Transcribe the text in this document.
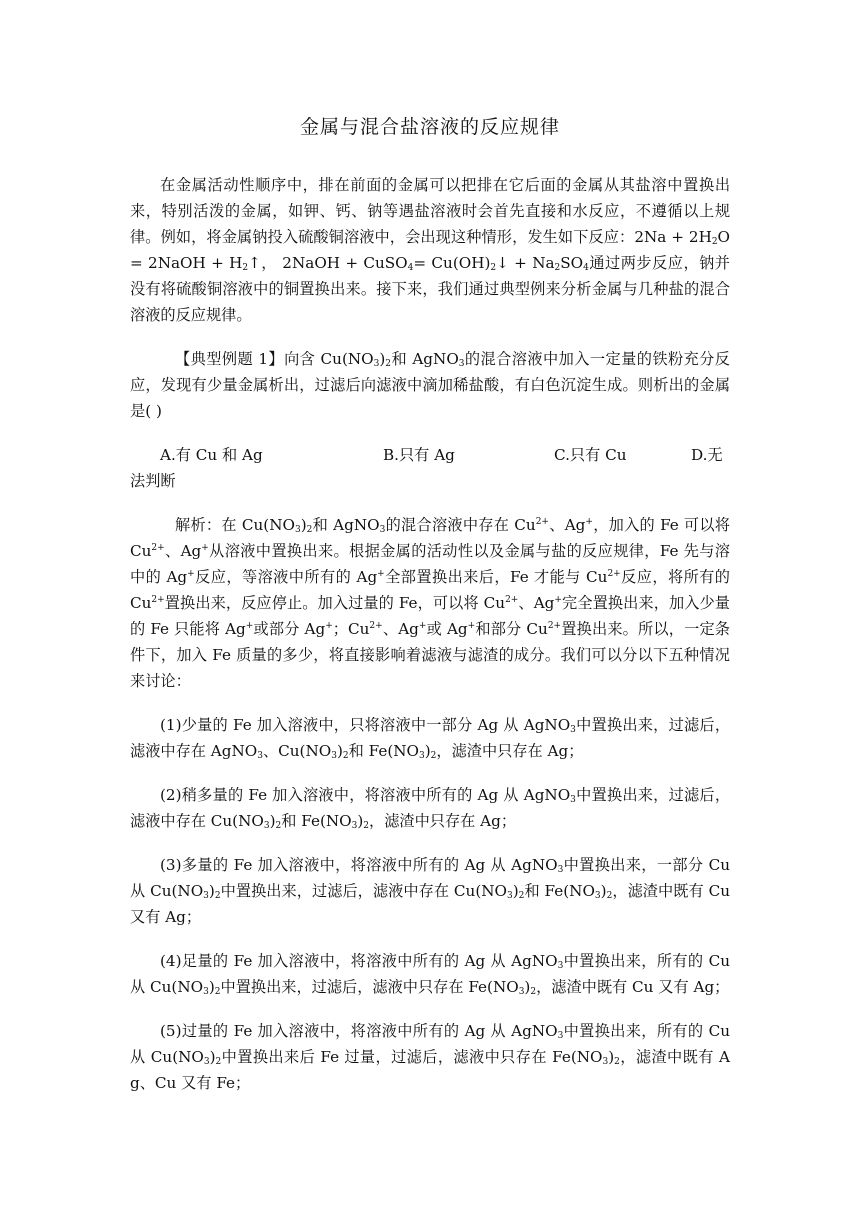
金属与混合盐溶液的反应规律

在金属活动性顺序中，排在前面的金属可以把排在它后面的金属从其盐溶中置换出来，特别活泼的金属，如钾、钙、钠等遇盐溶液时会首先直接和水反应，不遵循以上规律。例如，将金属钠投入硫酸铜溶液中，会出现这种情形，发生如下反应：$2Na + 2H_2O$ = 2NaOH + $H_2↑$， 2NaOH + CuSO$_4$= $Cu(OH)_2↓ + Na_2SO_4$通过两步反应，钠并没有将硫酸铜溶液中的铜置换出来。接下来，我们通过典型例来分析金属与几种盐的混合溶液的反应规律。

【典型例题 1】向含 $Cu(NO_3)_2$和 AgNO$_3$的混合溶液中加入一定量的铁粉充分反应，发现有少量金属析出，过滤后向滤液中滴加稀盐酸，有白色沉淀生成。则析出的金属是( )

A.有 Cu 和 Ag	B.只有 Ag	C.只有 Cu	D.无
法判断

解析：在 $Cu(NO_3)_2$和 AgNO$_3$的混合溶液中存在 $Cu^{2+}$、Ag+，加入的 Fe 可以将 $Cu^{2+}$、Ag+从溶液中置换出来。根据金属的活动性以及金属与盐的反应规律，Fe 先与溶中的 Ag+反应，等溶液中所有的 Ag+全部置换出来后，Fe 才能与 $Cu^{2+}$反应，将所有的 $Cu^{2+}$置换出来，反应停止。加入过量的 Fe，可以将 $Cu^{2+}$、Ag+完全置换出来，加入少量的 Fe 只能将 Ag+或部分 Ag+；$Cu^{2+}$、Ag+或 Ag+和部分 $Cu^{2+}$置换出来。所以，一定条件下，加入 Fe 质量的多少，将直接影响着滤液与滤渣的成分。我们可以分以下五种情况来讨论：

(1)少量的 Fe 加入溶液中，只将溶液中一部分 Ag 从 AgNO$_3$中置换出来，过滤后，滤液中存在 AgNO$_3$、$Cu(NO_3)_2$和 $Fe(NO_3)_2$，滤渣中只存在 Ag；

(2)稍多量的 Fe 加入溶液中，将溶液中所有的 Ag 从 AgNO$_3$中置换出来，过滤后，滤液中存在 $Cu(NO_3)_2$和 $Fe(NO_3)_2$，滤渣中只存在 Ag；

(3)多量的 Fe 加入溶液中，将溶液中所有的 Ag 从 AgNO$_3$中置换出来，一部分 Cu 从 $Cu(NO_3)_2$中置换出来，过滤后，滤液中存在 $Cu(NO_3)_2$和 $Fe(NO_3)_2$，滤渣中既有 Cu 又有 Ag；

(4)足量的 Fe 加入溶液中，将溶液中所有的 Ag 从 AgNO$_3$中置换出来，所有的 Cu 从 $Cu(NO_3)_2$中置换出来，过滤后，滤液中只存在 $Fe(NO_3)_2$，滤渣中既有 Cu 又有 Ag；

(5)过量的 Fe 加入溶液中，将溶液中所有的 Ag 从 AgNO$_3$中置换出来，所有的 Cu 从 $Cu(NO_3)_2$中置换出来后 Fe 过量，过滤后，滤液中只存在 $Fe(NO_3)_2$，滤渣中既有 Ag、Cu 又有 Fe；
